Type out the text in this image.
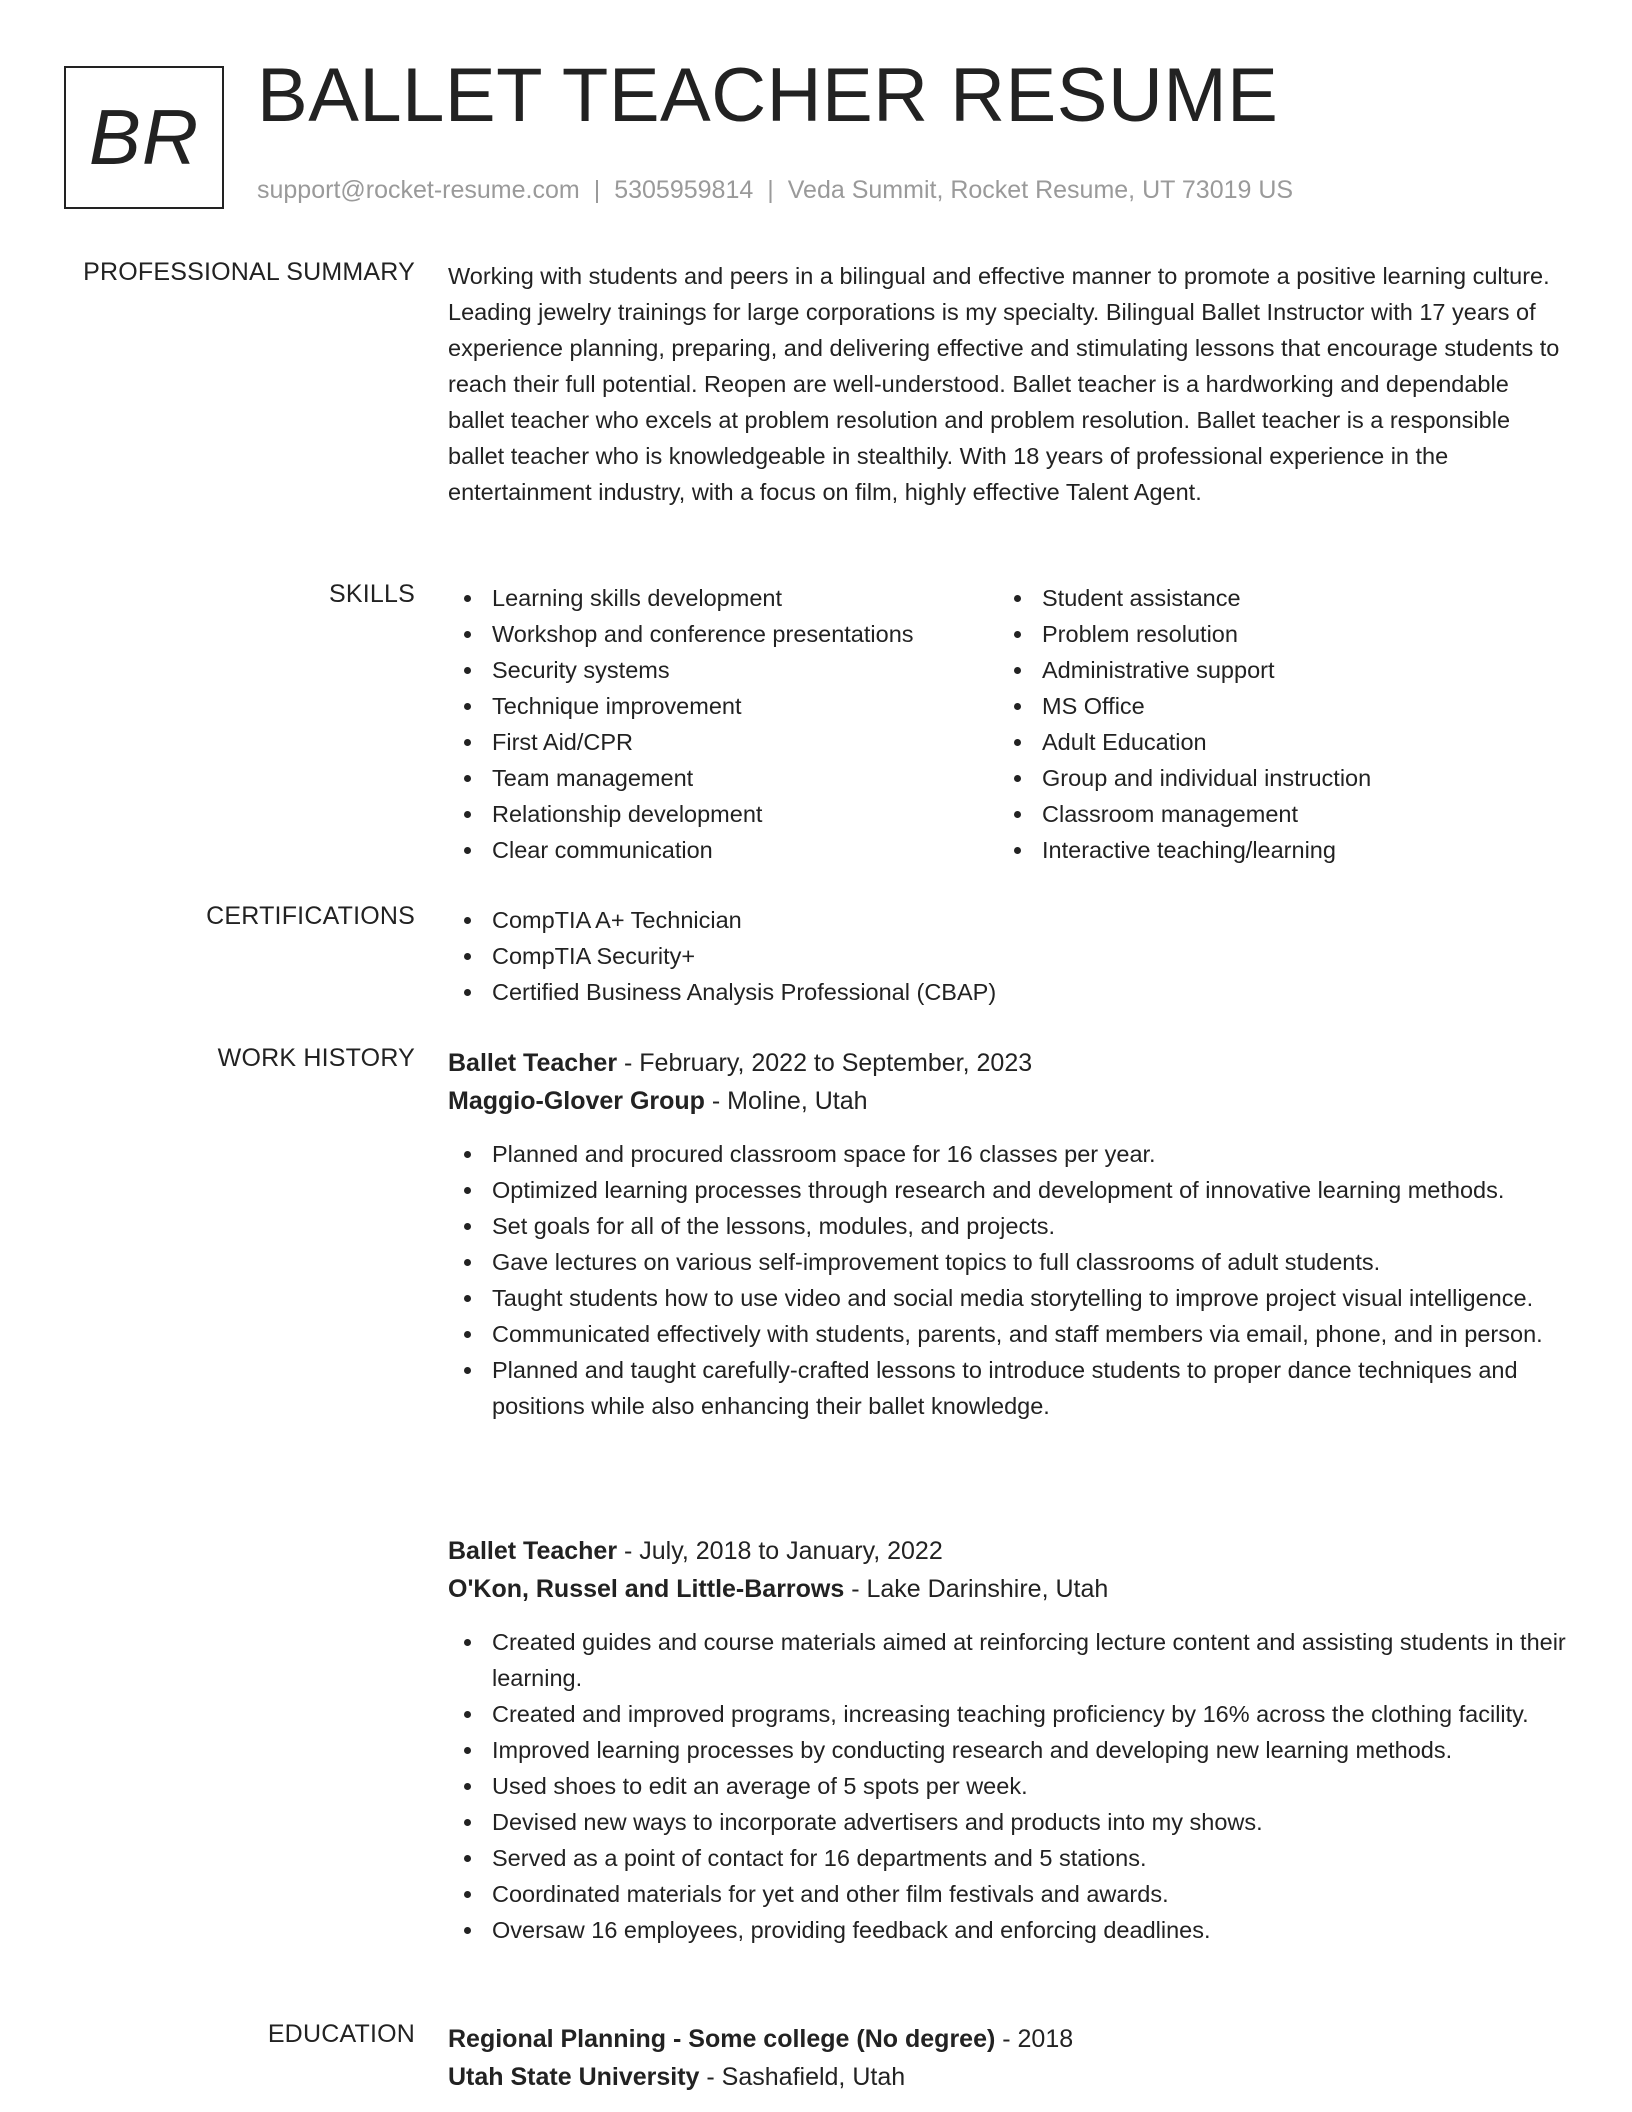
BR BALLET TEACHER RESUME
support@rocket-resume.com | 5305959814 | Veda Summit, Rocket Resume, UT 73019 US
PROFESSIONAL SUMMARY Working with students and peers in a bilingual and effective manner to promote a positive learning culture. Leading jewelry trainings for large corporations is my specialty. Bilingual Ballet Instructor with 17 years of experience planning, preparing, and delivering effective and stimulating lessons that encourage students to reach their full potential. Reopen are well-understood. Ballet teacher is a hardworking and dependable ballet teacher who excels at problem resolution and problem resolution. Ballet teacher is a responsible ballet teacher who is knowledgeable in stealthily. With 18 years of professional experience in the entertainment industry, with a focus on film, highly effective Talent Agent.

SKILLS	Learning skills development
Workshop and conference presentations
Security systems
Technique improvement
First Aid/CPR
Team management
Relationship development
Clear communication
Student assistance
Problem resolution
Administrative support
MS Office
Adult Education
Group and individual instruction
Classroom management
Interactive teaching/learning
CERTIFICATIONS	CompTIA A+ Technician
CompTIA Security+
Certified Business Analysis Professional (CBAP)
WORK HISTORY Ballet Teacher - February, 2022 to September, 2023
Maggio-Glover Group - Moline, Utah
Planned and procured classroom space for 16 classes per year.
Optimized learning processes through research and development of innovative learning methods.
Set goals for all of the lessons, modules, and projects.
Gave lectures on various self-improvement topics to full classrooms of adult students.
Taught students how to use video and social media storytelling to improve project visual intelligence.
Communicated effectively with students, parents, and staff members via email, phone, and in person.
Planned and taught carefully-crafted lessons to introduce students to proper dance techniques and positions while also enhancing their ballet knowledge.
Ballet Teacher - July, 2018 to January, 2022
O'Kon, Russel and Little-Barrows - Lake Darinshire, Utah
Created guides and course materials aimed at reinforcing lecture content and assisting students in their learning.
Created and improved programs, increasing teaching proficiency by 16% across the clothing facility.
Improved learning processes by conducting research and developing new learning methods.
Used shoes to edit an average of 5 spots per week.
Devised new ways to incorporate advertisers and products into my shows.
Served as a point of contact for 16 departments and 5 stations.
Coordinated materials for yet and other film festivals and awards.
Oversaw 16 employees, providing feedback and enforcing deadlines.
EDUCATION Regional Planning - Some college (No degree) - 2018
Utah State University - Sashafield, Utah
